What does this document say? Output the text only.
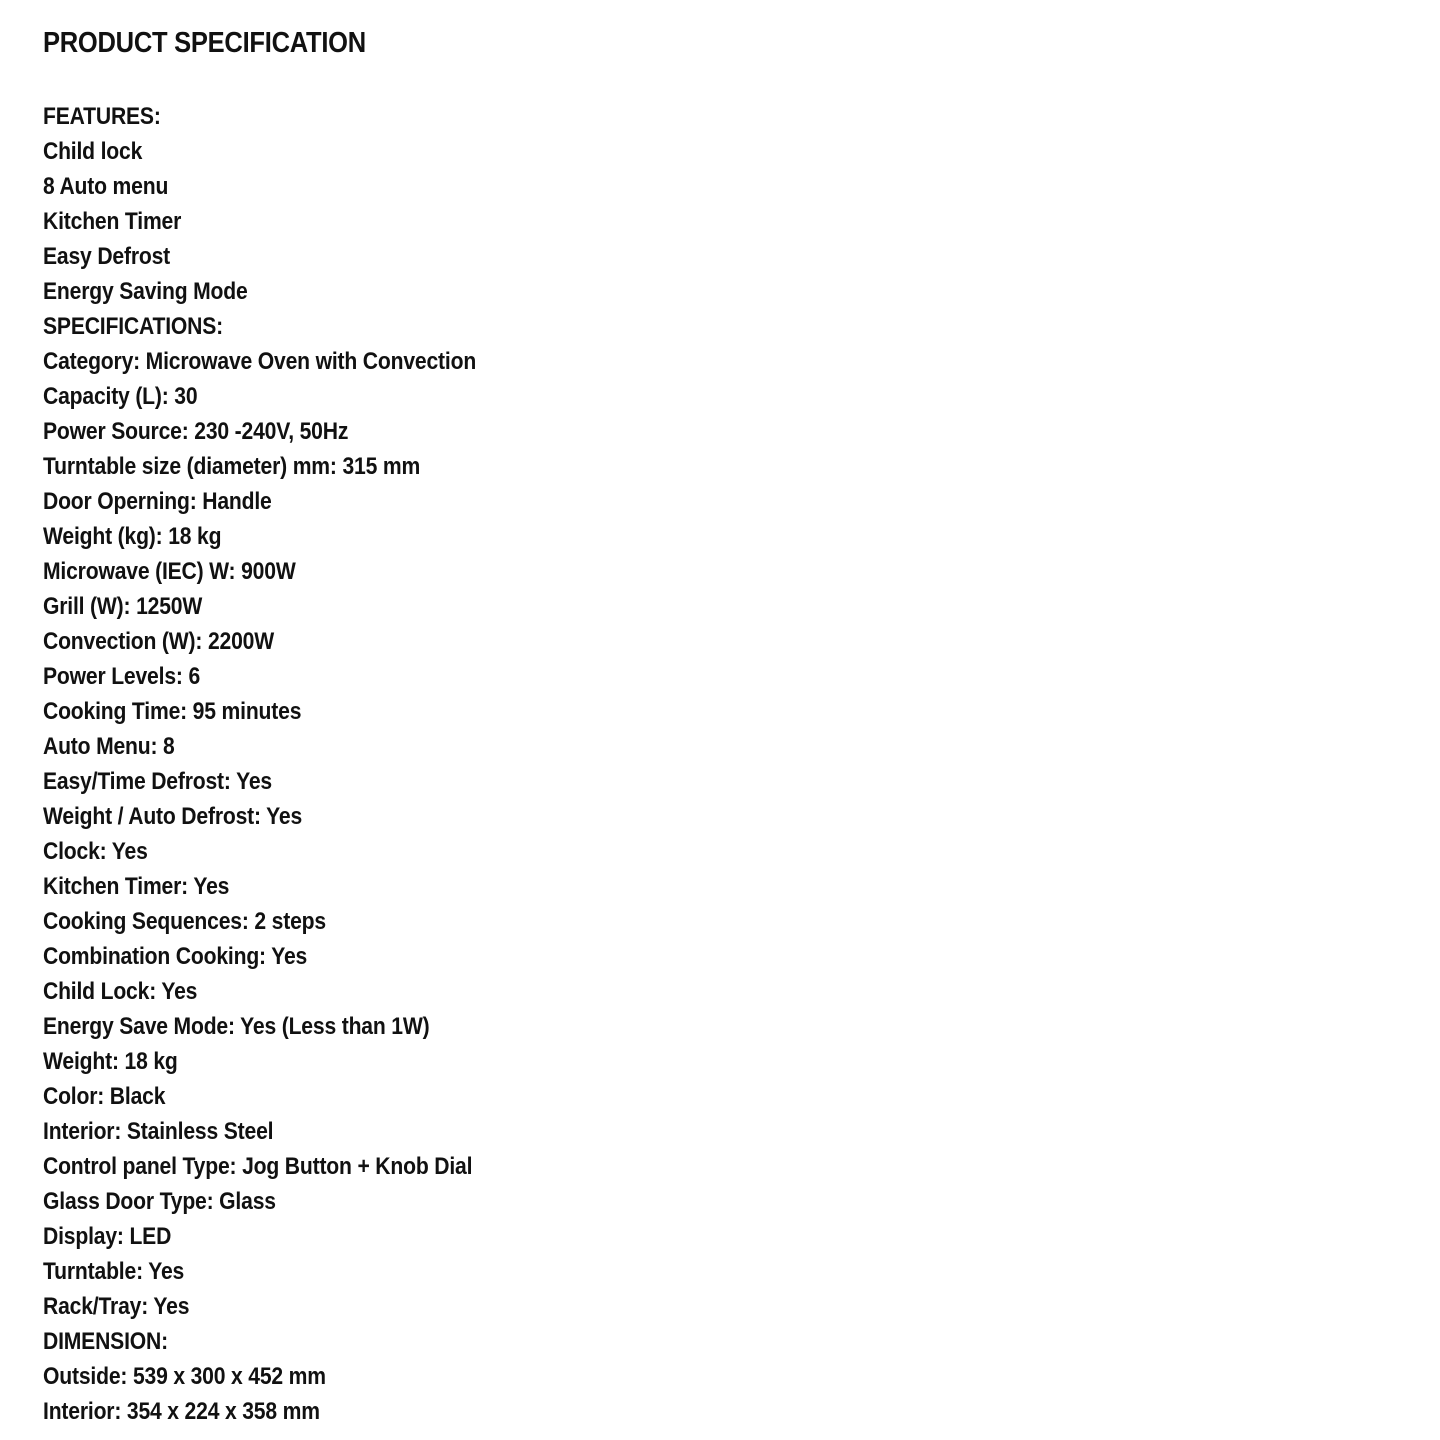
PRODUCT SPECIFICATION
FEATURES:
Child lock
8 Auto menu
Kitchen Timer
Easy Defrost
Energy Saving Mode
SPECIFICATIONS:
Category: Microwave Oven with Convection
Capacity (L): 30
Power Source: 230 -240V, 50Hz
Turntable size (diameter) mm: 315 mm
Door Operning: Handle
Weight (kg): 18 kg
Microwave (IEC) W: 900W
Grill (W): 1250W
Convection (W): 2200W
Power Levels: 6
Cooking Time: 95 minutes
Auto Menu: 8
Easy/Time Defrost: Yes
Weight / Auto Defrost: Yes
Clock: Yes
Kitchen Timer: Yes
Cooking Sequences: 2 steps
Combination Cooking: Yes
Child Lock: Yes
Energy Save Mode: Yes (Less than 1W)
Weight: 18 kg
Color: Black
Interior: Stainless Steel
Control panel Type: Jog Button + Knob Dial
Glass Door Type: Glass
Display: LED
Turntable: Yes
Rack/Tray: Yes
DIMENSION:
Outside: 539 x 300 x 452 mm
Interior: 354 x 224 x 358 mm
